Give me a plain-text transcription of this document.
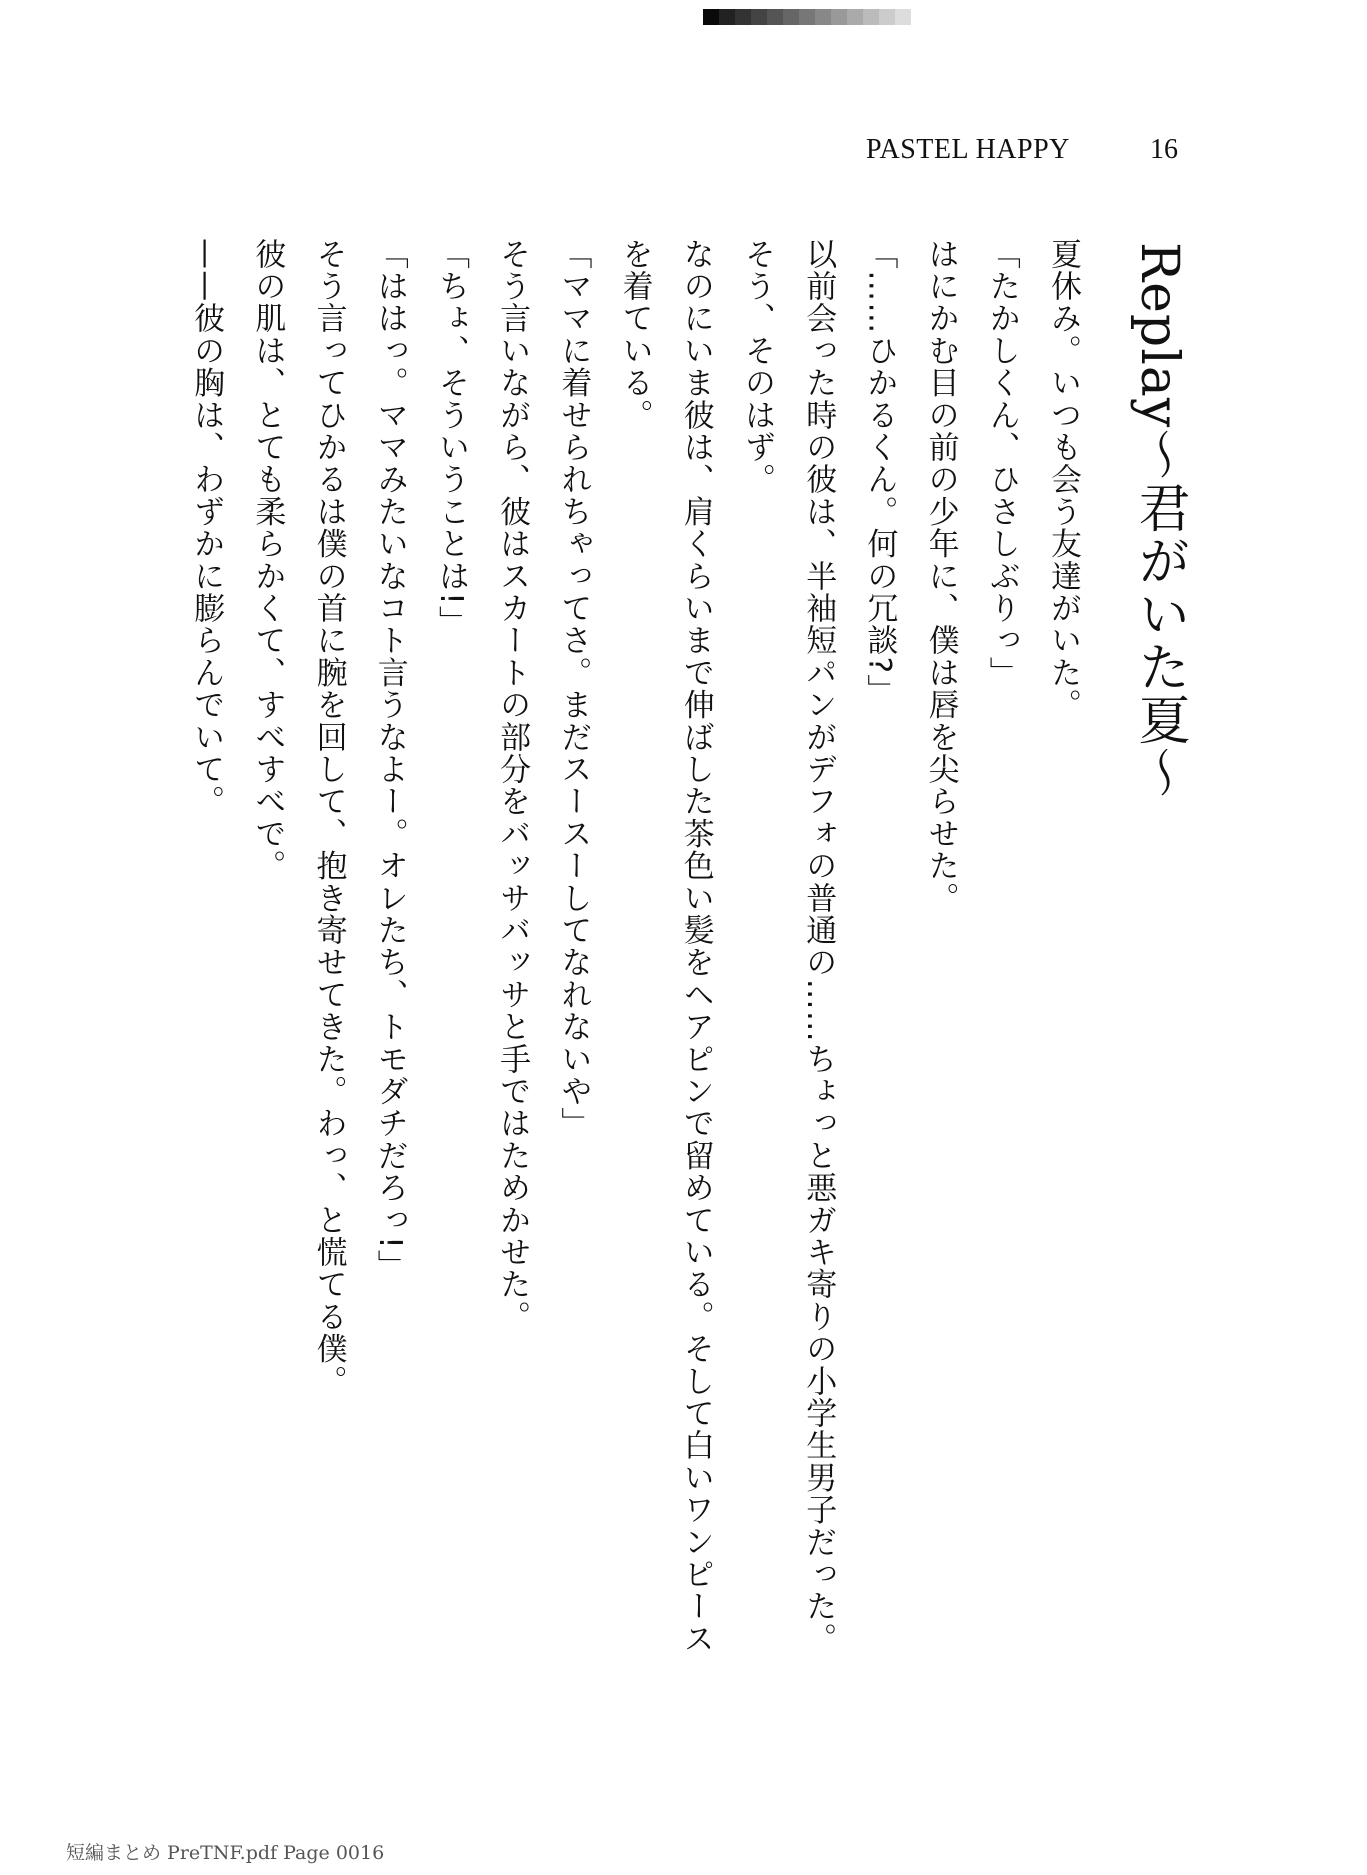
PASTEL HAPPY	16
Replay〜君がいた夏〜
夏休み。いつも会う友達がいた。
「たかしくん、ひさしぶりっ」
はにかむ目の前の少年に、僕は唇を尖らせた。
「……ひかるくん。何の冗談?」
以前会った時の彼は、半袖短パンがデフォの普通の……ちょっと悪ガキ寄りの小学生男子だった。そう、そのはず。
なのにいま彼は、肩くらいまで伸ばした茶色い髪をヘアピンで留めている。そして白いワンピースを着ている。
「ママに着せられちゃってさ。まだスースーしてなれないや」
そう言いながら、彼はスカートの部分をバッサバッサと手ではためかせた。
「ちょ、そういうことは!」
「ははっ。ママみたいなコト言うなよー。オレたち、トモダチだろっ!」
そう言ってひかるは僕の首に腕を回して、抱き寄せてきた。わっ、と慌てる僕。
彼の肌は、とても柔らかくて、すべすべで。
——彼の胸は、わずかに膨らんでいて。
短編まとめ PreTNF.pdf Page 0016
